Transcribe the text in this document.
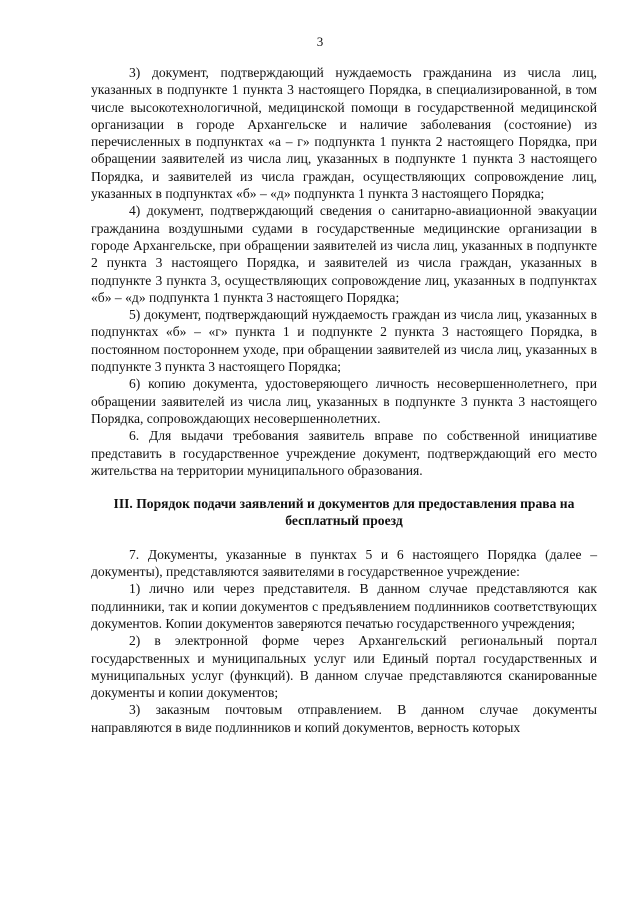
3

3) документ, подтверждающий нуждаемость гражданина из числа лиц, указанных в подпункте 1 пункта 3 настоящего Порядка, в специализированной, в том числе высокотехнологичной, медицинской помощи в государственной медицинской организации в городе Архангельске и наличие заболевания (состояние) из перечисленных в подпунктах «а – г» подпункта 1 пункта 2 настоящего Порядка, при обращении заявителей из числа лиц, указанных в подпункте 1 пункта 3 настоящего Порядка, и заявителей из числа граждан, осуществляющих сопровождение лиц, указанных в подпунктах «б» – «д» подпункта 1 пункта 3 настоящего Порядка;

4) документ, подтверждающий сведения о санитарно-авиационной эвакуации гражданина воздушными судами в государственные медицинские организации в городе Архангельске, при обращении заявителей из числа лиц, указанных в подпункте 2 пункта 3 настоящего Порядка, и заявителей из числа граждан, указанных в подпункте 3 пункта 3, осуществляющих сопровождение лиц, указанных в подпунктах «б» – «д» подпункта 1 пункта 3 настоящего Порядка;

5) документ, подтверждающий нуждаемость граждан из числа лиц, указанных в подпунктах «б» – «г» пункта 1 и подпункте 2 пункта 3 настоящего Порядка, в постоянном постороннем уходе, при обращении заявителей из числа лиц, указанных в подпункте 3 пункта 3 настоящего Порядка;

6) копию документа, удостоверяющего личность несовершеннолетнего, при обращении заявителей из числа лиц, указанных в подпункте 3 пункта 3 настоящего Порядка, сопровождающих несовершеннолетних.

6. Для выдачи требования заявитель вправе по собственной инициативе представить в государственное учреждение документ, подтверждающий его место жительства на территории муниципального образования.

III. Порядок подачи заявлений и документов для предоставления права на бесплатный проезд

7. Документы, указанные в пунктах 5 и 6 настоящего Порядка (далее – документы), представляются заявителями в государственное учреждение:

1) лично или через представителя. В данном случае представляются как подлинники, так и копии документов с предъявлением подлинников соответствующих документов. Копии документов заверяются печатью государственного учреждения;

2) в электронной форме через Архангельский региональный портал государственных и муниципальных услуг или Единый портал государственных и муниципальных услуг (функций). В данном случае представляются сканированные документы и копии документов;

3) заказным почтовым отправлением. В данном случае документы направляются в виде подлинников и копий документов, верность которых
